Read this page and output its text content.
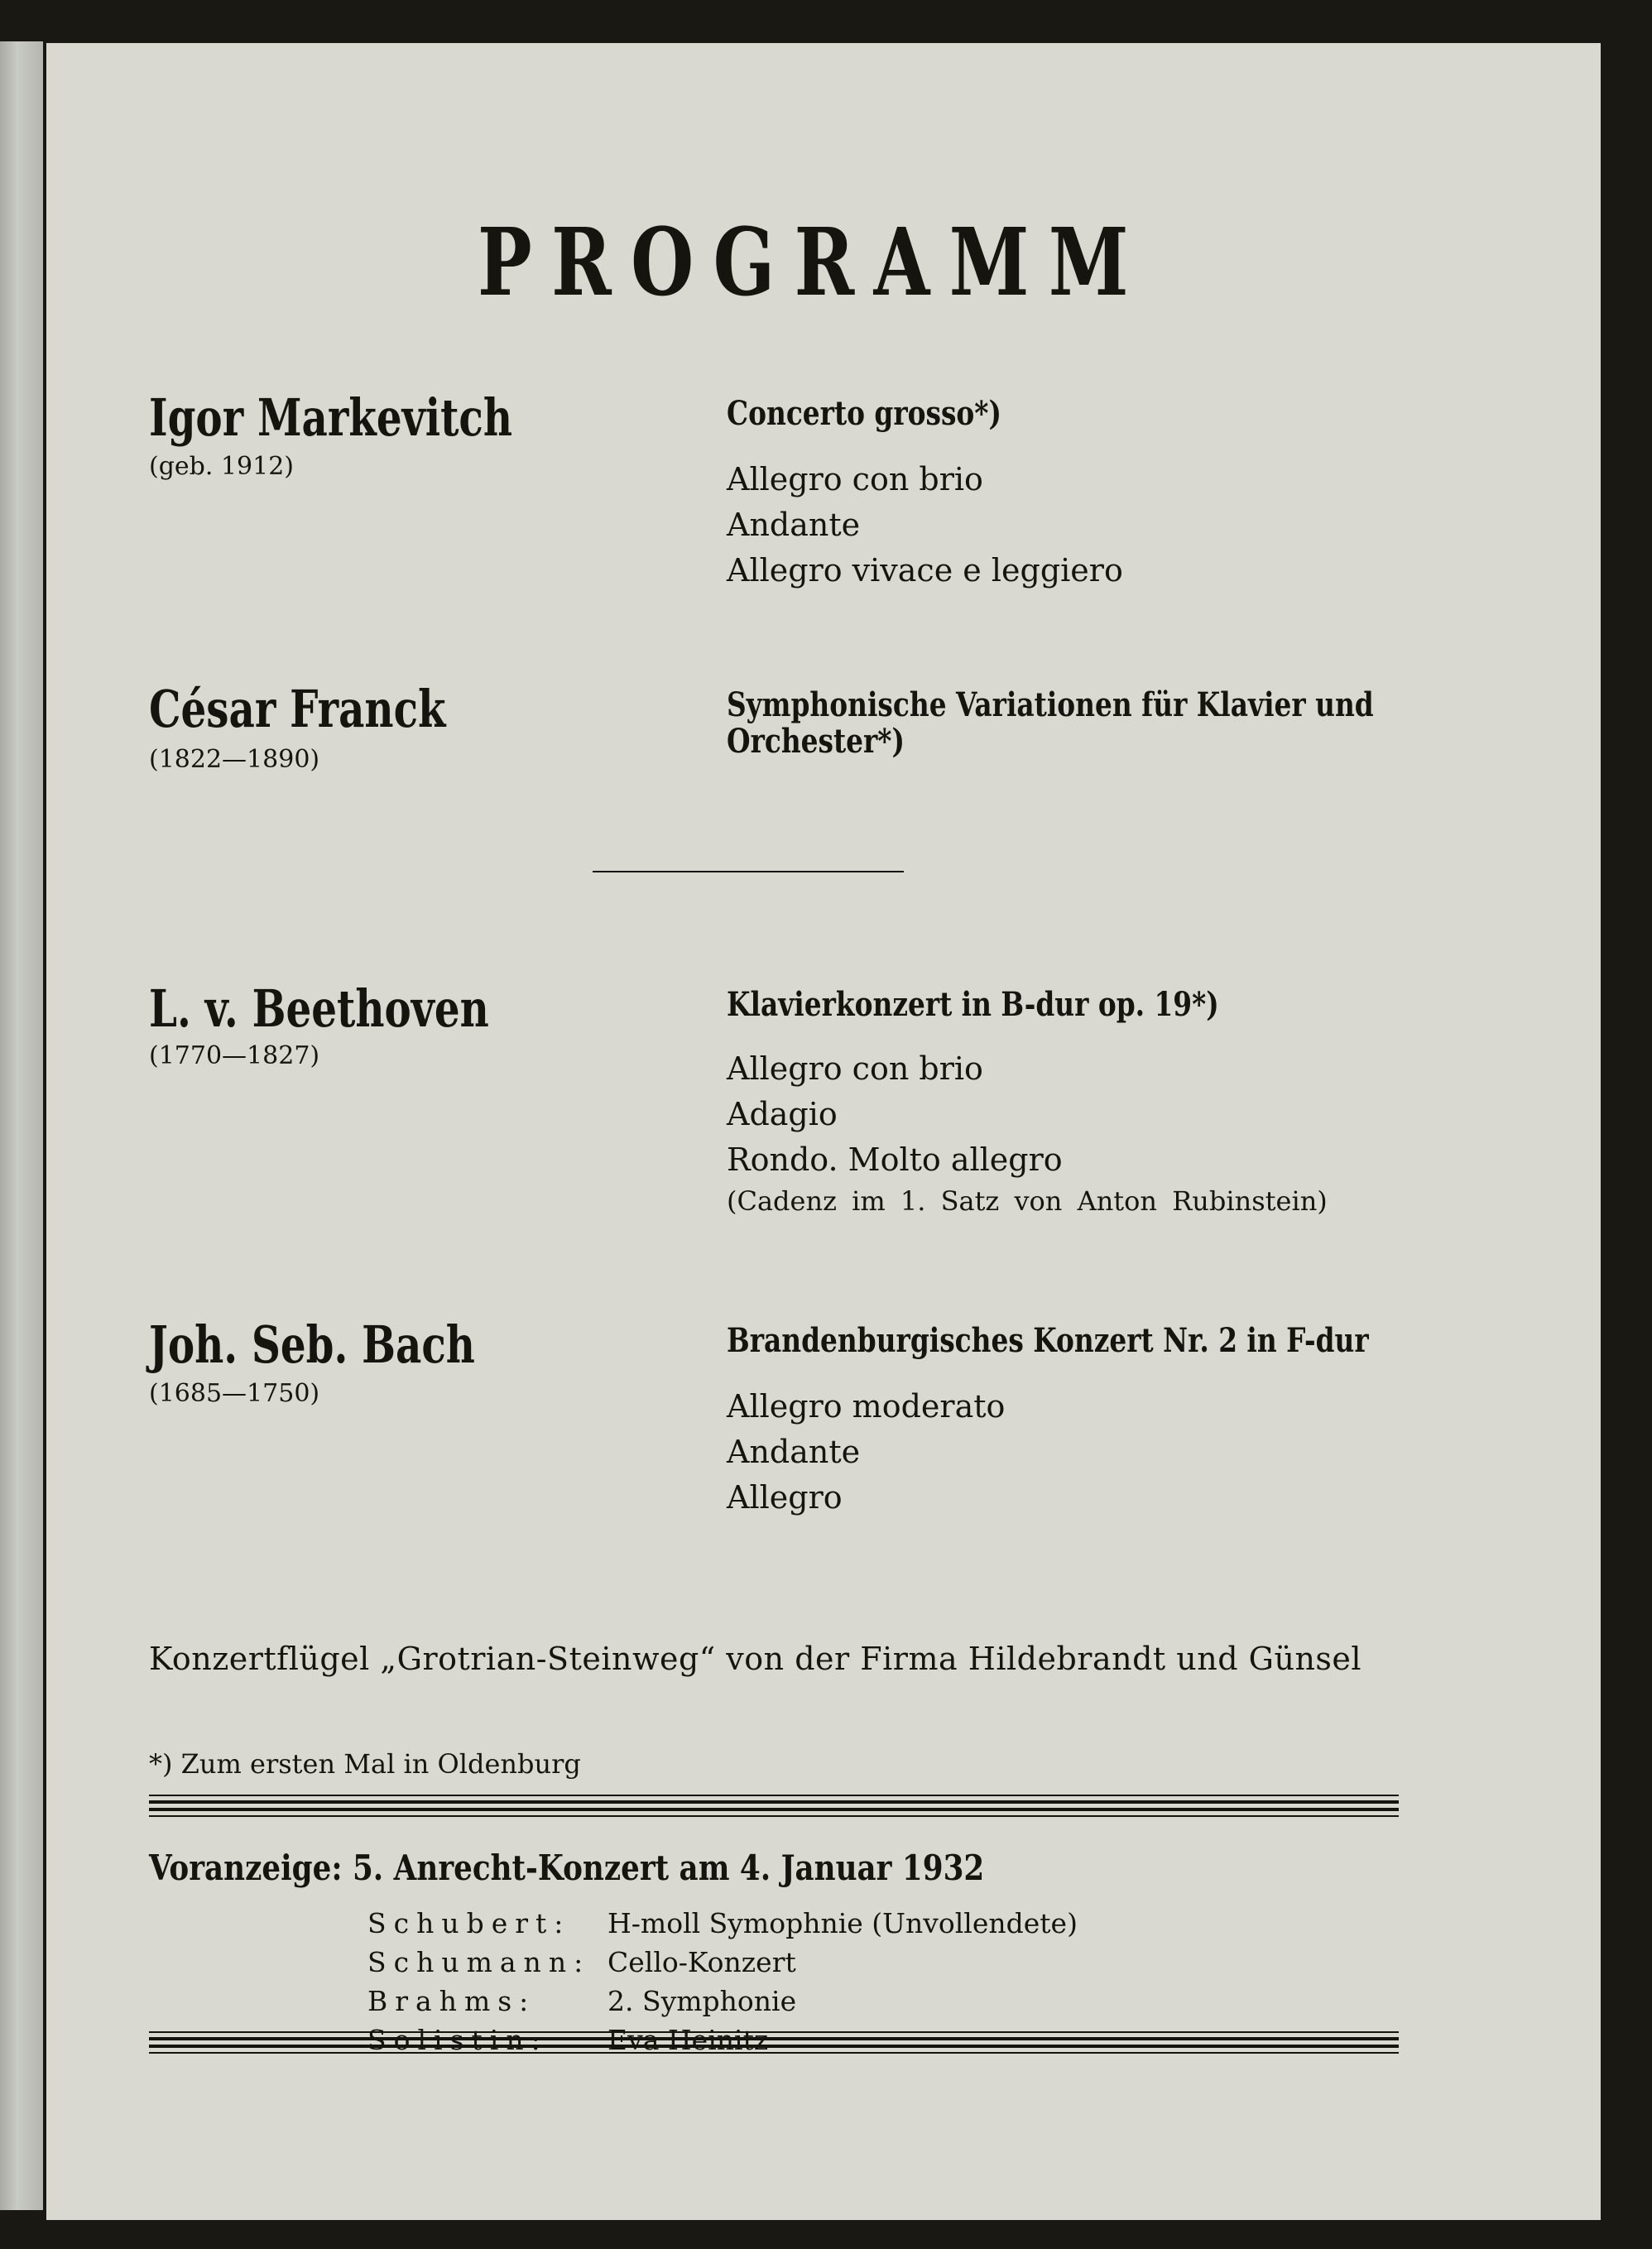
PROGRAMM
Igor Markevitch
(geb. 1912)
Concerto grosso*)
Allegro con brio
Andante
Allegro vivace e leggiero
César Franck
(1822—1890)
Symphonische Variationen für Klavier und Orchester*)
L. v. Beethoven
(1770—1827)
Klavierkonzert in B-dur op. 19*)
Allegro con brio
Adagio
Rondo. Molto allegro
(Cadenz im 1. Satz von Anton Rubinstein)
Joh. Seb. Bach
(1685—1750)
Brandenburgisches Konzert Nr. 2 in F-dur
Allegro moderato
Andante
Allegro
Konzertflügel „Grotrian-Steinweg“ von der Firma Hildebrandt und Günsel
*) Zum ersten Mal in Oldenburg
Voranzeige: 5. Anrecht-Konzert am 4. Januar 1932
Schubert:	H-moll Symophnie (Unvollendete)
Schumann: Cello-Konzert
Brahms:	2. Symphonie
